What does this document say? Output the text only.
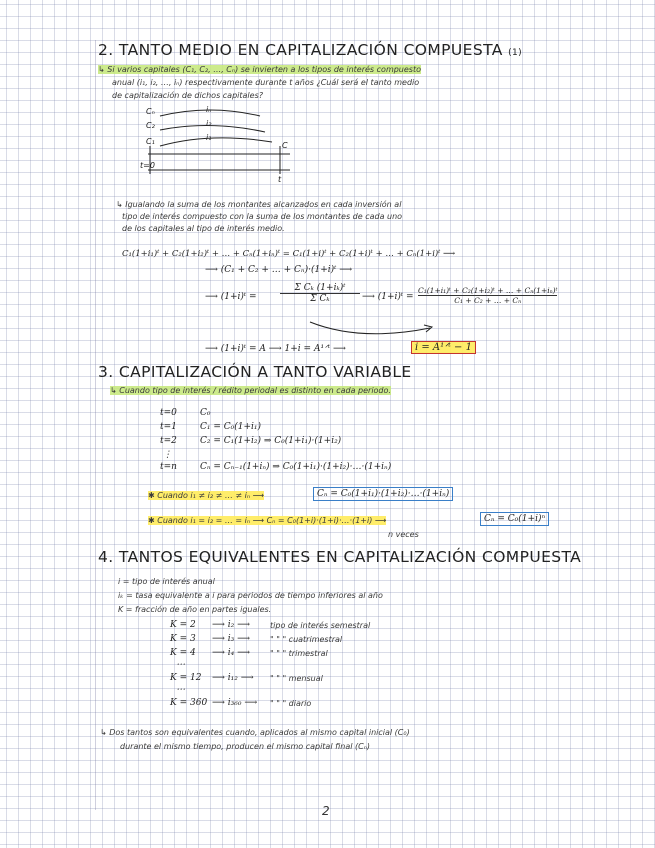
2. TANTO MEDIO EN CAPITALIZACIÓN COMPUESTA (1)
↳ Si varios capitales (C₁, C₂, …, Cₙ) se invierten a los tipos de interés compuesto
anual (i₁, i₂, …, iₙ) respectivamente durante t años ¿Cuál será el tanto medio
de capitalización de dichos capitales?
Cₙ	iₙ
C₂	i₂
C₁	i₁
C
t=0
t
↳ Igualando la suma de los montantes alcanzados en cada inversión al
tipo de interés compuesto con la suma de los montantes de cada uno
de los capitales al tipo de interés medio.
C₁(1+i₁)ᵗ + C₂(1+i₂)ᵗ + … + Cₙ(1+iₙ)ᵗ = C₁(1+i)ᵗ + C₂(1+i)ᵗ + … + Cₙ(1+i)ᵗ ⟶
⟶ (C₁ + C₂ + … + Cₙ)·(1+i)ᵗ ⟶
⟶ (1+i)ᵗ =	$\frac{\text{Σ Cₖ (1+iₖ)ᵗ}}{\text{Σ Cₖ}}$ ⟶ (1+i)ᵗ = $\frac{\text{C₁(1+i₁)ᵗ + C₂(1+i₂)ᵗ + … + Cₙ(1+iₙ)ᵗ}}{\text{C₁ + C₂ + … + Cₙ}}$
⟶ (1+i)ᵗ = A ⟶ 1+i = A¹ᐟᵗ ⟶	i = A¹ᐟᵗ − 1
3. CAPITALIZACIÓN A TANTO VARIABLE
↳ Cuando tipo de interés / rédito periodal es distinto en cada periodo.
t=0	C₀
t=1	C₁ = C₀(1+i₁)
t=2	C₂ = C₁(1+i₂) ⇒ C₀(1+i₁)·(1+i₂)
⋮
t=n	Cₙ = Cₙ₋₁(1+iₙ) ⇒ C₀(1+i₁)·(1+i₂)·…·(1+iₙ)
✱ Cuando i₁ ≠ i₂ ≠ … ≠ iₙ ⟶	Cₙ = C₀(1+i₁)·(1+i₂)·…·(1+iₙ)
✱ Cuando i₁ = i₂ = … = iₙ ⟶ Cₙ = C₀(1+i)·(1+i)·…·(1+i) ⟶
n veces
Cₙ = C₀(1+i)ⁿ
4. TANTOS EQUIVALENTES EN CAPITALIZACIÓN COMPUESTA
i = tipo de interés anual
iₖ = tasa equivalente a i para periodos de tiempo inferiores al año
K = fracción de año en partes iguales.
K = 2 ⟶ i₂ ⟶ tipo de interés semestral
K = 3 ⟶ i₃ ⟶ " " " cuatrimestral
K = 4 ⟶ i₄ ⟶ " " " trimestral
⋯
K = 12 ⟶ i₁₂ ⟶ " " " mensual
⋯
K = 360 ⟶ i₃₆₀ ⟶ " " " diario
↳ Dos tantos son equivalentes cuando, aplicados al mismo capital inicial (C₀)
durante el mismo tiempo, producen el mismo capital final (Cₙ)
2
